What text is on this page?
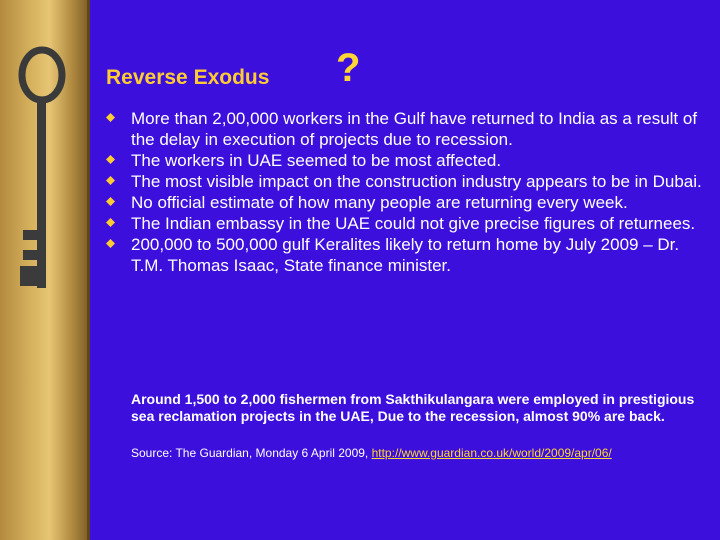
Reverse Exodus ?
More than 2,00,000 workers in the Gulf have returned to India as a result of the delay in execution of projects due to recession.
The workers in UAE seemed to be most affected.
The most visible impact on the construction industry appears to be in Dubai.
No official estimate of how many people are returning every week.
The Indian embassy in the UAE could not give precise figures of returnees.
200,000 to 500,000 gulf Keralites likely to return home by July 2009 – Dr. T.M. Thomas Isaac, State finance minister.
Around 1,500 to 2,000 fishermen from Sakthikulangara were employed in prestigious sea reclamation projects in the UAE, Due to the recession, almost 90% are back.
Source: The Guardian, Monday 6 April 2009, http://www.guardian.co.uk/world/2009/apr/06/
